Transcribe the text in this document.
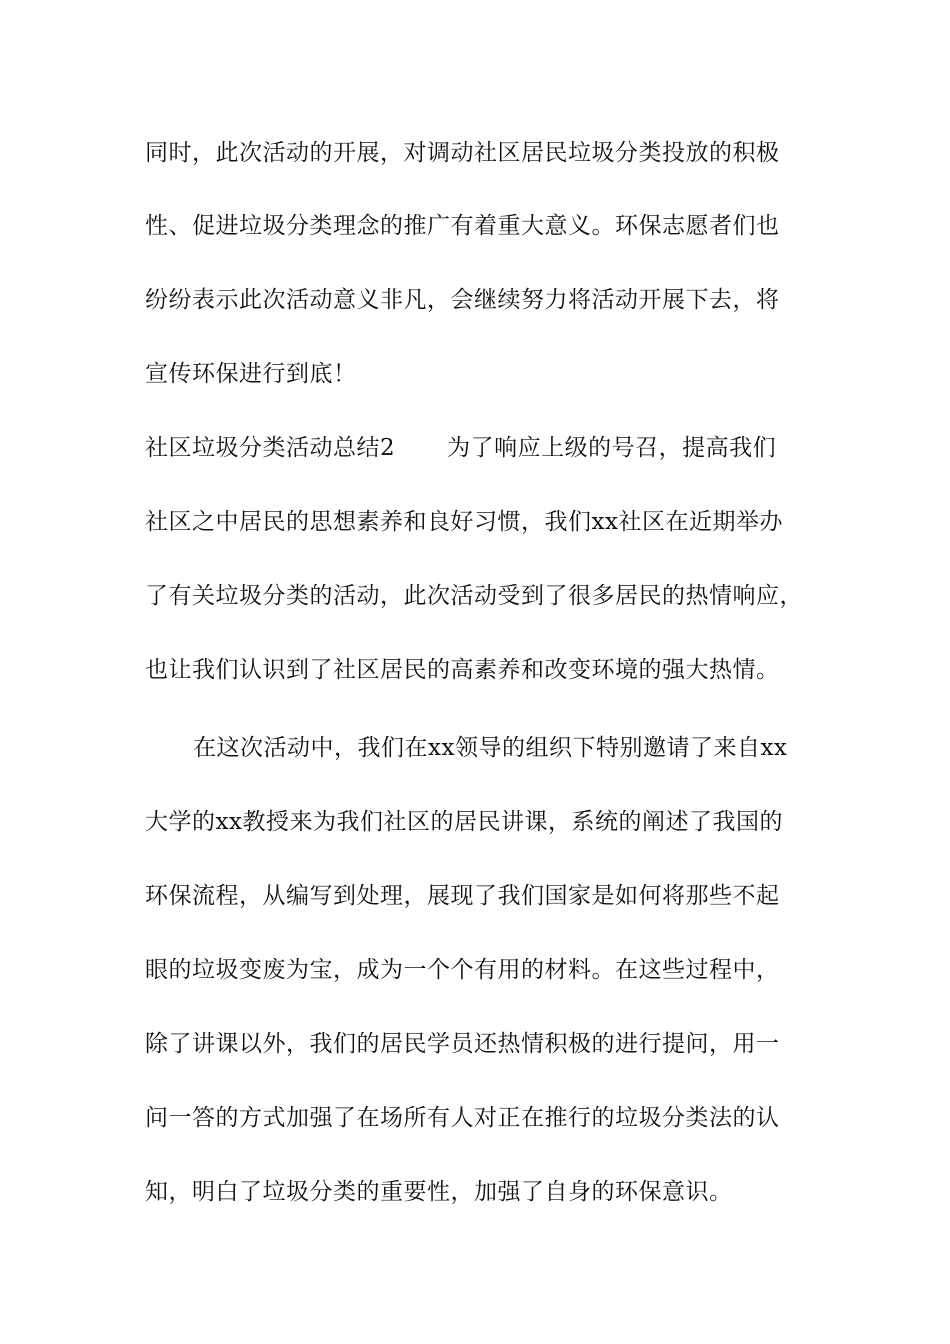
同时，此次活动的开展，对调动社区居民垃圾分类投放的积极
性、促进垃圾分类理念的推广有着重大意义。环保志愿者们也
纷纷表示此次活动意义非凡，会继续努力将活动开展下去，将
宣传环保进行到底！
社区垃圾分类活动总结2 为了响应上级的号召，提高我们
社区之中居民的思想素养和良好习惯，我们xx社区在近期举办
了有关垃圾分类的活动，此次活动受到了很多居民的热情响应，
也让我们认识到了社区居民的高素养和改变环境的强大热情。
在这次活动中，我们在xx领导的组织下特别邀请了来自xx
大学的xx教授来为我们社区的居民讲课，系统的阐述了我国的
环保流程，从编写到处理，展现了我们国家是如何将那些不起
眼的垃圾变废为宝，成为一个个有用的材料。在这些过程中，
除了讲课以外，我们的居民学员还热情积极的进行提问，用一
问一答的方式加强了在场所有人对正在推行的垃圾分类法的认
知，明白了垃圾分类的重要性，加强了自身的环保意识。
